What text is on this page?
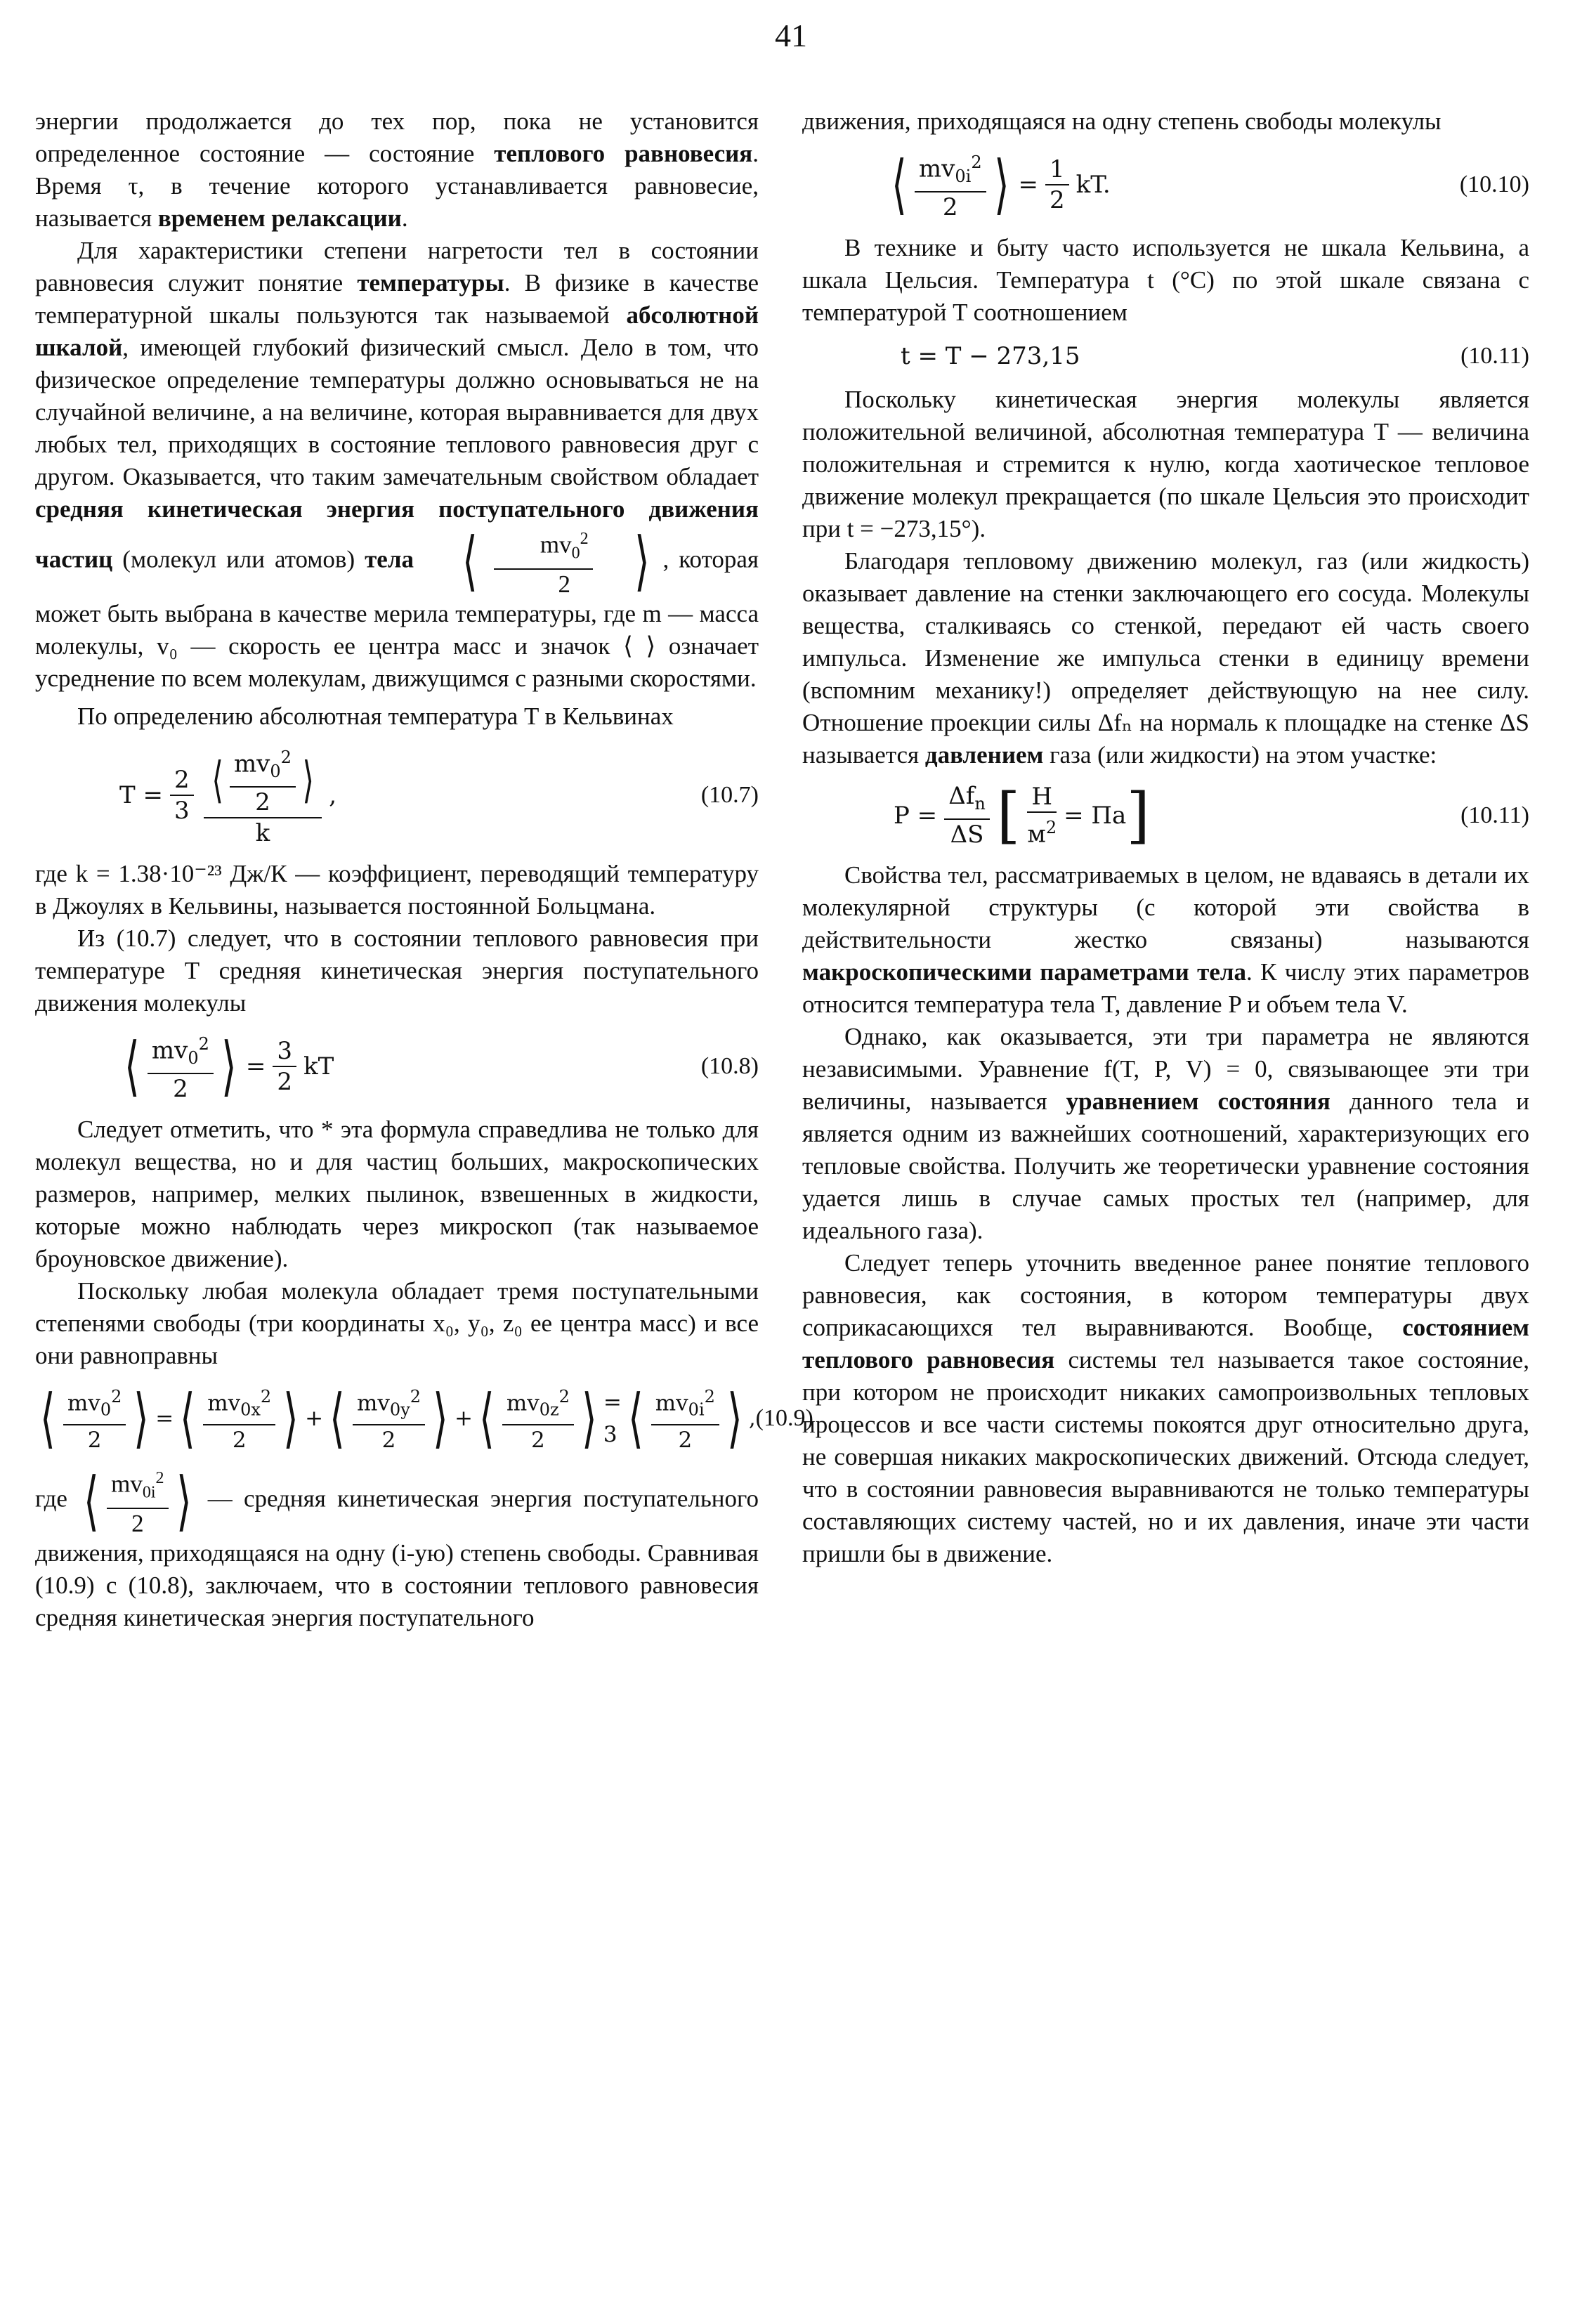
41

энергии продолжается до тех пор, пока не установится определенное состояние — состояние теплового равновесия. Время τ, в течение которого устанавливается равновесие, называется временем релаксации.

Для характеристики степени нагретости тел в состоянии равновесия служит понятие температуры. В физике в качестве температурной шкалы пользуются так называемой абсолютной шкалой, имеющей глубокий физический смысл. Дело в том, что физическое определение температуры должно основываться не на случайной величине, а на величине, которая выравнивается для двух любых тел, приходящих в состояние теплового равновесия друг с другом. Оказывается, что таким замечательным свойством обладает средняя кинетическая энергия поступательного движения частиц (молекул или атомов) тела ⟨ $\frac{mv_0^2}{2}$ ⟩ , которая может быть выбрана в качестве мерила температуры, где m — масса молекулы, v₀ — скорость ее центра масс и значок ⟨ ⟩ означает усреднение по всем молекулам, движущимся с разными скоростями.

По определению абсолютная температура T в Кельвинах

$T = \frac{2}{3} \frac{⟨ \frac{mv_0^2}{2} ⟩}{k}$ ,	(10.7)

где k = 1.38·10⁻²³ Дж/К — коэффициент, переводящий температуру в Джоулях в Кельвины, называется постоянной Больцмана.

Из (10.7) следует, что в состоянии теплового равновесия при температуре T средняя кинетическая энергия поступательного движения молекулы

⟨ $\frac{mv_0^2}{2}$ ⟩ = $\frac{3}{2}$ kT	(10.8)

Следует отметить, что * эта формула справедлива не только для молекул вещества, но и для частиц больших, макроскопических размеров, например, мелких пылинок, взвешенных в жидкости, которые можно наблюдать через микроскоп (так называемое броуновское движение).

Поскольку любая молекула обладает тремя поступательными степенями свободы (три координаты x₀, y₀, z₀ ее центра масс) и все они равноправны

⟨ $\frac{mv_0^2}{2}$ ⟩ = ⟨ $\frac{mv_{0x}^2}{2}$ ⟩ + ⟨ $\frac{mv_{0y}^2}{2}$ ⟩ + ⟨ $\frac{mv_{0z}^2}{2}$ ⟩ = 3 ⟨ $\frac{mv_{0i}^2}{2}$ ⟩ , (10.9)

где ⟨ $\frac{mv_{0i}^2}{2}$ ⟩ — средняя кинетическая энергия поступательного движения, приходящаяся на одну (i-ую) степень свободы. Сравнивая (10.9) с (10.8), заключаем, что в состоянии теплового равновесия средняя кинетическая энергия поступательного

движения, приходящаяся на одну степень свободы молекулы

⟨ $\frac{mv_{0i}^2}{2}$ ⟩ = $\frac{1}{2}$ kT.	(10.10)

В технике и быту часто используется не шкала Кельвина, а шкала Цельсия. Температура t (°C) по этой шкале связана с температурой T соотношением

t = T − 273,15	(10.11)

Поскольку кинетическая энергия молекулы является положительной величиной, абсолютная температура T — величина положительная и стремится к нулю, когда хаотическое тепловое движение молекул прекращается (по шкале Цельсия это происходит при t = −273,15°).

Благодаря тепловому движению молекул, газ (или жидкость) оказывает давление на стенки заключающего его сосуда. Молекулы вещества, сталкиваясь со стенкой, передают ей часть своего импульса. Изменение же импульса стенки в единицу времени (вспомним механику!) определяет действующую на нее силу. Отношение проекции силы Δfₙ на нормаль к площадке на стенке ΔS называется давлением газа (или жидкости) на этом участке:

$P = \frac{\Delta f_n}{\Delta S}$ [ $\frac{H}{м^2}$ = Па ]	(10.11)

Свойства тел, рассматриваемых в целом, не вдаваясь в детали их молекулярной структуры (с которой эти свойства в действительности жестко связаны) называются макроскопическими параметрами тела. К числу этих параметров относится температура тела T, давление P и объем тела V.

Однако, как оказывается, эти три параметра не являются независимыми. Уравнение f(T, P, V) = 0, связывающее эти три величины, называется уравнением состояния данного тела и является одним из важнейших соотношений, характеризующих его тепловые свойства. Получить же теоретически уравнение состояния удается лишь в случае самых простых тел (например, для идеального газа).

Следует теперь уточнить введенное ранее понятие теплового равновесия, как состояния, в котором температуры двух соприкасающихся тел выравниваются. Вообще, состоянием теплового равновесия системы тел называется такое состояние, при котором не происходит никаких самопроизвольных тепловых процессов и все части системы покоятся друг относительно друга, не совершая никаких макроскопических движений. Отсюда следует, что в состоянии равновесия выравниваются не только температуры составляющих систему частей, но и их давления, иначе эти части пришли бы в движение.
